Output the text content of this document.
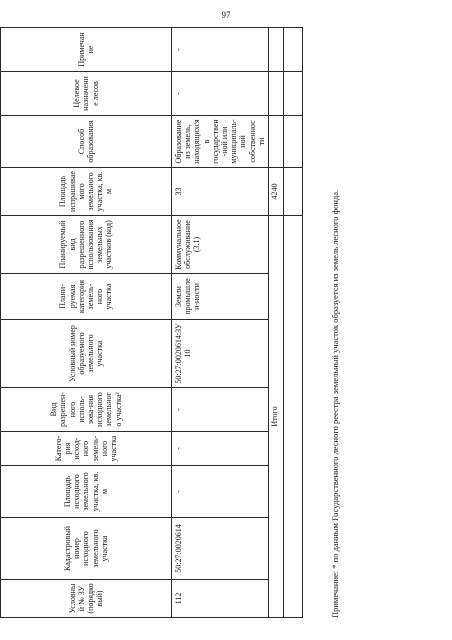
97
Условный № ЗУ (порядковый)	Кадастровый номер исходного земельного участка	Площадь исходного земельного участка, кв. м	Катего-рия исход-ного земель-ного участка	Вид разрешен-ного исполь-зова-ния исходного земельного участка²	Условный номер образуемого земельного участка	Плани-руемая категория земель-ного участка	Планируемый вид разрешенного использования земельных участков (код)	Площадь испрашиваемого земельного участка, кв. м	Способ образования	Целевое назначение лесов	Примечание
112	50:27:0020614	-	-	-	50:27:0020614:ЗУ10	Земли промышлен-ности	Коммунальное обслуживание (3.1)	33	Образование из земель, находящихся в государствен-ной или муниципаль-ной собственности	-	-
Итого								4240			
					Примечание: * по данным Государственного лесного реестра земельный участок образуется из земель лесного фонда.
